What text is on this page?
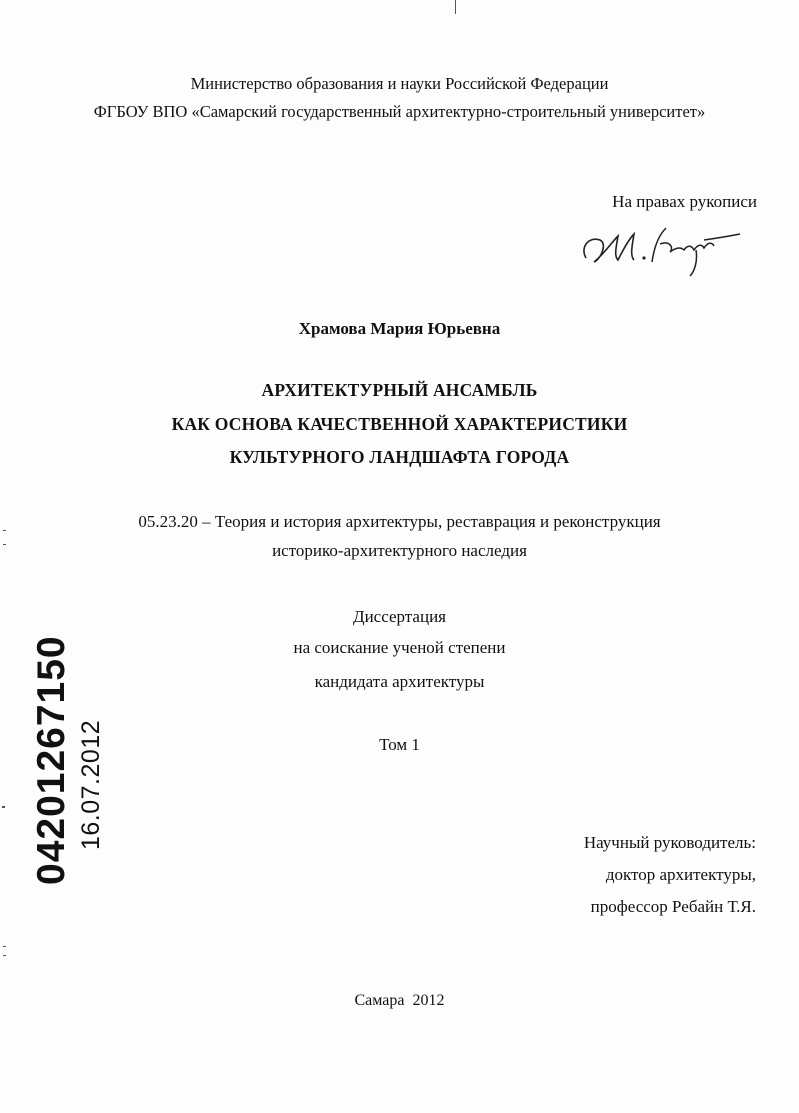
Министерство образования и науки Российской Федерации
ФГБОУ ВПО «Самарский государственный архитектурно-строительный университет»
На правах рукописи
Храмова Мария Юрьевна
АРХИТЕКТУРНЫЙ АНСАМБЛЬ
КАК ОСНОВА КАЧЕСТВЕННОЙ ХАРАКТЕРИСТИКИ
КУЛЬТУРНОГО ЛАНДШАФТА ГОРОДА
05.23.20 – Теория и история архитектуры, реставрация и реконструкция
историко-архитектурного наследия
Диссертация
на соискание ученой степени
кандидата архитектуры
Том 1
Научный руководитель:
доктор архитектуры,
профессор Ребайн Т.Я.
Самара  2012
04201267150 16.07.2012
